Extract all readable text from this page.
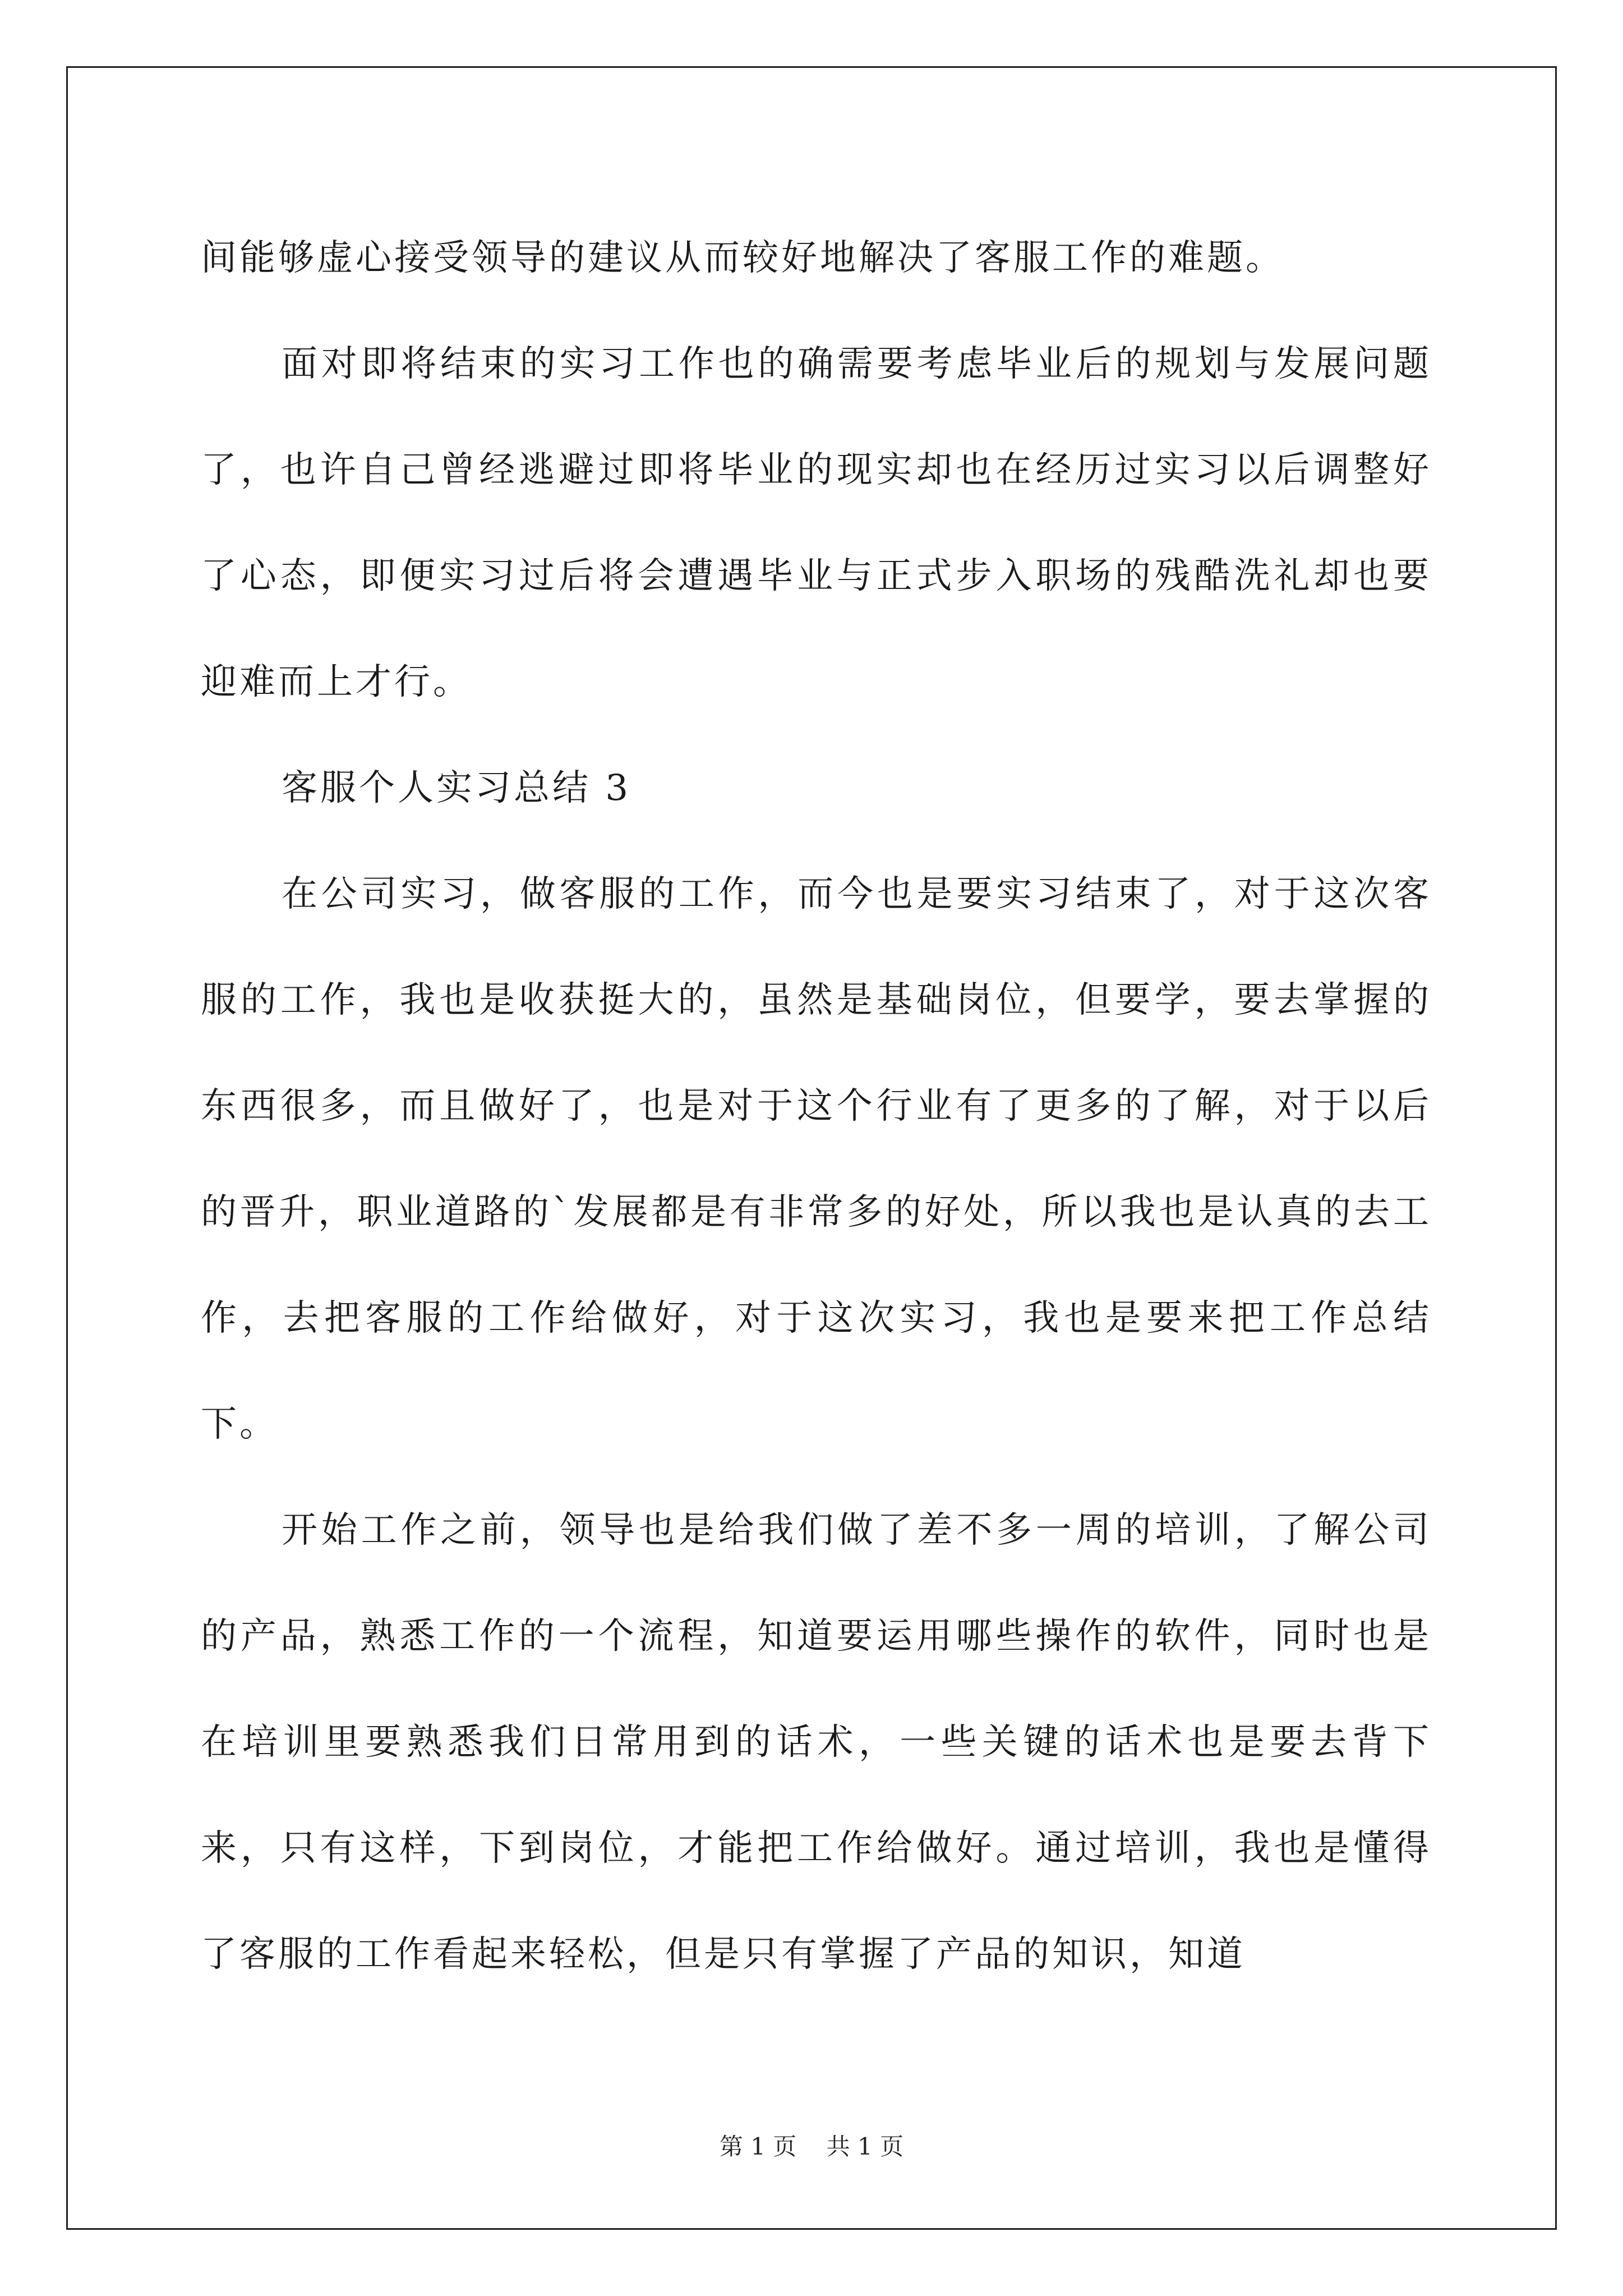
间能够虚心接受领导的建议从而较好地解决了客服工作的难题。

面对即将结束的实习工作也的确需要考虑毕业后的规划与发展问题了，也许自己曾经逃避过即将毕业的现实却也在经历过实习以后调整好了心态，即便实习过后将会遭遇毕业与正式步入职场的残酷洗礼却也要迎难而上才行。

客服个人实习总结 3

在公司实习，做客服的工作，而今也是要实习结束了，对于这次客服的工作，我也是收获挺大的，虽然是基础岗位，但要学，要去掌握的东西很多，而且做好了，也是对于这个行业有了更多的了解，对于以后的晋升，职业道路的`发展都是有非常多的好处，所以我也是认真的去工作，去把客服的工作给做好，对于这次实习，我也是要来把工作总结下。

开始工作之前，领导也是给我们做了差不多一周的培训，了解公司的产品，熟悉工作的一个流程，知道要运用哪些操作的软件，同时也是在培训里要熟悉我们日常用到的话术，一些关键的话术也是要去背下来，只有这样，下到岗位，才能把工作给做好。通过培训，我也是懂得了客服的工作看起来轻松，但是只有掌握了产品的知识，知道

第 1 页 共 1 页
